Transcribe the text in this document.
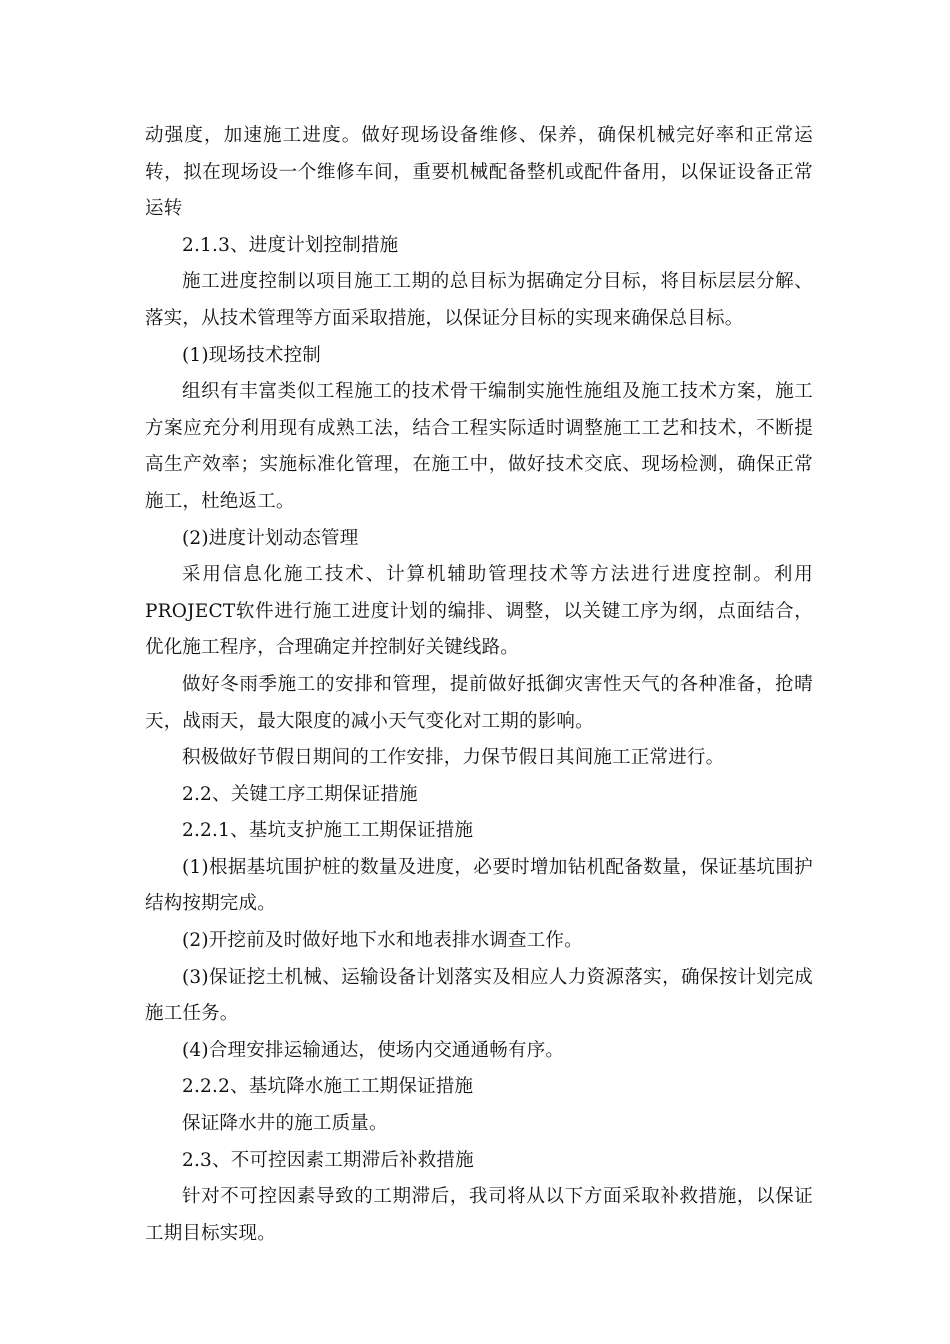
动强度，加速施工进度。做好现场设备维修、保养，确保机械完好率和正常运转，拟在现场设一个维修车间，重要机械配备整机或配件备用，以保证设备正常运转

2.1.3、进度计划控制措施

施工进度控制以项目施工工期的总目标为据确定分目标，将目标层层分解、落实，从技术管理等方面采取措施，以保证分目标的实现来确保总目标。

(1)现场技术控制

组织有丰富类似工程施工的技术骨干编制实施性施组及施工技术方案，施工方案应充分利用现有成熟工法，结合工程实际适时调整施工工艺和技术，不断提高生产效率；实施标准化管理，在施工中，做好技术交底、现场检测，确保正常施工，杜绝返工。

(2)进度计划动态管理

采用信息化施工技术、计算机辅助管理技术等方法进行进度控制。利用PROJECT软件进行施工进度计划的编排、调整，以关键工序为纲，点面结合，优化施工程序，合理确定并控制好关键线路。

做好冬雨季施工的安排和管理，提前做好抵御灾害性天气的各种准备，抢晴天，战雨天，最大限度的减小天气变化对工期的影响。

积极做好节假日期间的工作安排，力保节假日其间施工正常进行。

2.2、关键工序工期保证措施

2.2.1、基坑支护施工工期保证措施

(1)根据基坑围护桩的数量及进度，必要时增加钻机配备数量，保证基坑围护结构按期完成。

(2)开挖前及时做好地下水和地表排水调查工作。

(3)保证挖土机械、运输设备计划落实及相应人力资源落实，确保按计划完成施工任务。

(4)合理安排运输通达，使场内交通通畅有序。

2.2.2、基坑降水施工工期保证措施

保证降水井的施工质量。

2.3、不可控因素工期滞后补救措施

针对不可控因素导致的工期滞后，我司将从以下方面采取补救措施，以保证工期目标实现。
